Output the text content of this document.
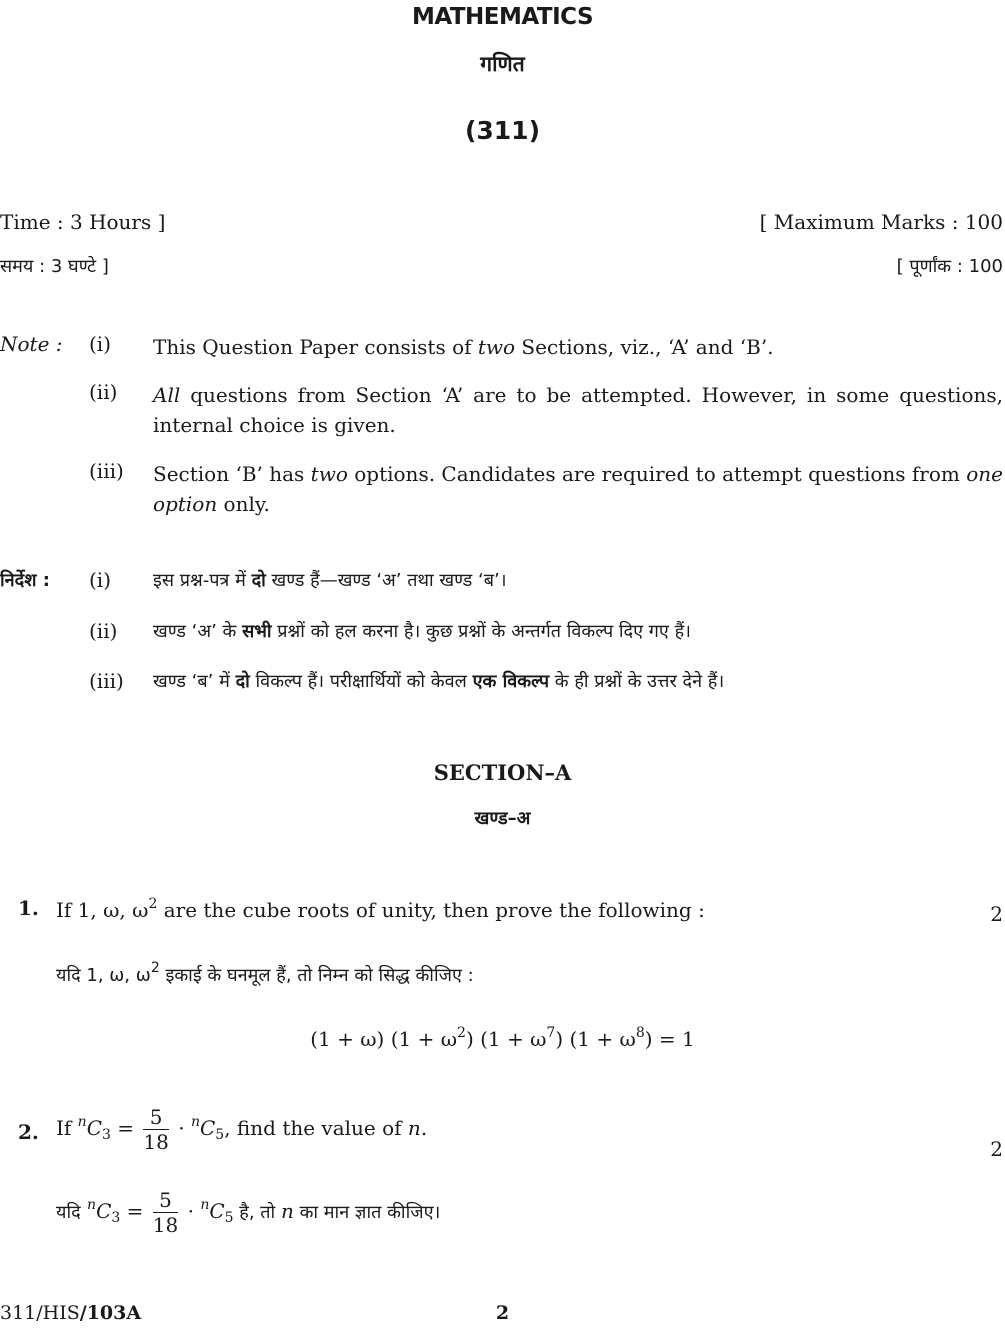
MATHEMATICS
गणित
(311)
Time : 3 Hours ]	[ Maximum Marks : 100
समय : 3 घण्टे ]	[ पूर्णांक : 100
Note : (i) This Question Paper consists of two Sections, viz., ‘A’ and ‘B’.
(ii) All questions from Section ‘A’ are to be attempted. However, in some questions, internal choice is given.
(iii) Section ‘B’ has two options. Candidates are required to attempt questions from one option only.
निर्देश : (i) इस प्रश्न-पत्र में दो खण्ड हैं—खण्ड ‘अ’ तथा खण्ड ‘ब’।
(ii) खण्ड ‘अ’ के सभी प्रश्नों को हल करना है। कुछ प्रश्नों के अन्तर्गत विकल्प दिए गए हैं।
(iii) खण्ड ‘ब’ में दो विकल्प हैं। परीक्षार्थियों को केवल एक विकल्प के ही प्रश्नों के उत्तर देने हैं।
SECTION–A
खण्ड–अ
1. If 1, ω, $\omega^2$ are the cube roots of unity, then prove the following :	2
यदि 1, ω, $\omega^2$ इकाई के घनमूल हैं, तो निम्न को सिद्ध कीजिए :
(1 + ω) $(1 + \omega^2)$ $(1 + \omega^7)$ $(1 + \omega^8) = 1$
2. If $^nC_3 = \frac{5}{18} \cdot ^nC_5$, find the value of n.
2
यदि $^nC_3 = \frac{5}{18} \cdot ^nC_5$ है, तो n का मान ज्ञात कीजिए।
311/HIS/103A	2
